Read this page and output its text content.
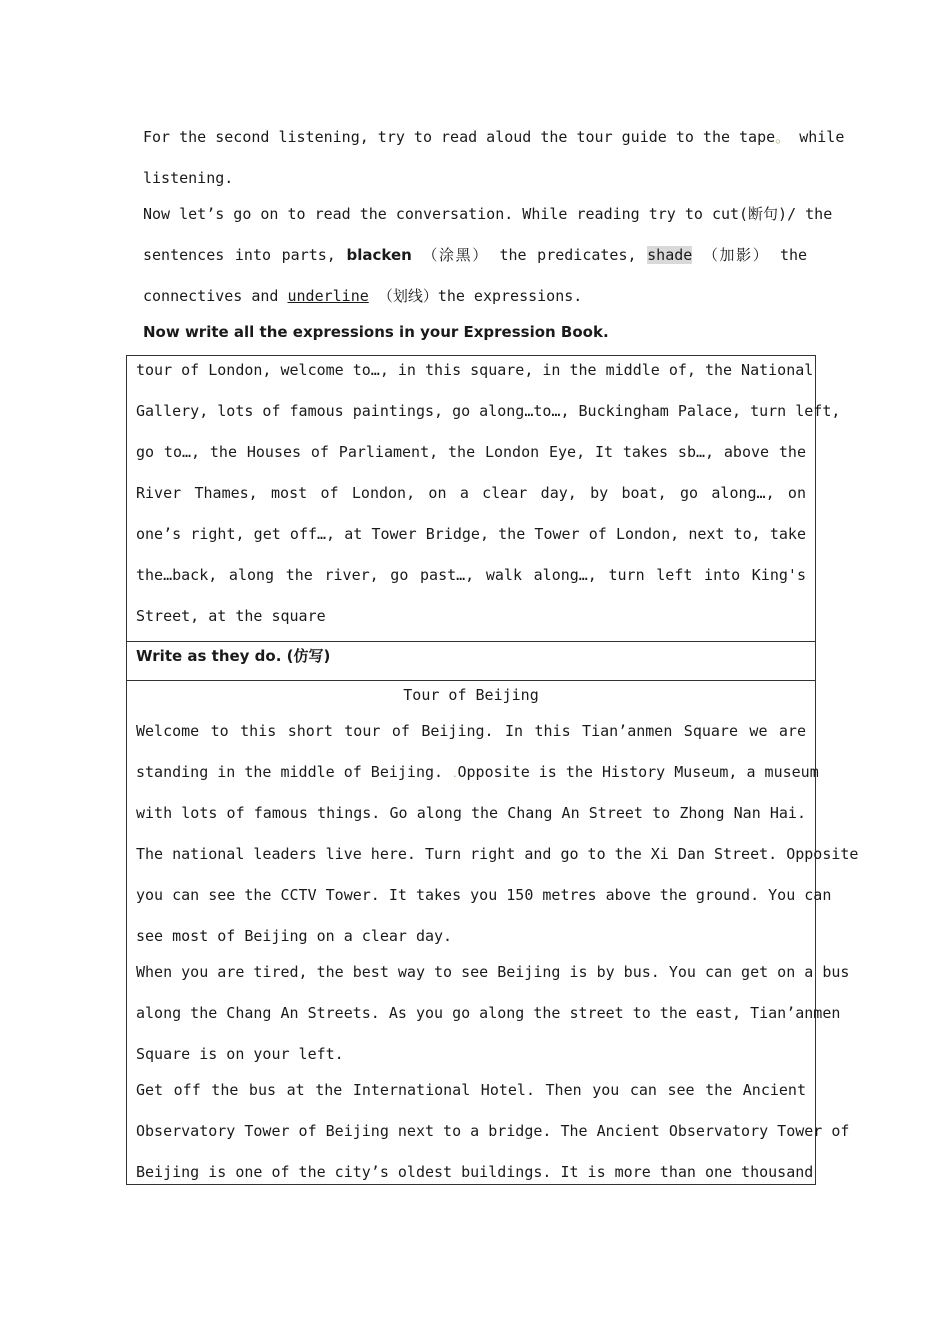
For the second listening, try to read aloud the tour guide to the tape。 while
listening.
Now let’s go on to read the conversation. While reading try to cut(断句)/ the
sentences into parts, blacken （涂黑） the predicates, shade （加影） the
connectives and underline （划线）the expressions.
Now write all the expressions in your Expression Book.
tour of London, welcome to…, in this square, in the middle of, the National
Gallery, lots of famous paintings, go along…to…, Buckingham Palace, turn left,
go to…, the Houses of Parliament, the London Eye, It takes sb…, above the
River Thames, most of London, on a clear day, by boat, go along…, on
one’s right, get off…, at Tower Bridge, the Tower of London, next to, take
the…back, along the river, go past…, walk along…, turn left into King's
Street, at the square

Write as they do. (仿写)

Tour of Beijing
Welcome to this short tour of Beijing. In this Tian’anmen Square we are
standing in the middle of Beijing. .Opposite is the History Museum, a museum
with lots of famous things. Go along the Chang An Street to Zhong Nan Hai.
The national leaders live here. Turn right and go to the Xi Dan Street. Opposite
you can see the CCTV Tower. It takes you 150 metres above the ground. You can
see most of Beijing on a clear day.
When you are tired, the best way to see Beijing is by bus. You can get on a bus
along the Chang An Streets. As you go along the street to the east, Tian’anmen
Square is on your left.
Get off the bus at the International Hotel. Then you can see the Ancient
Observatory Tower of Beijing next to a bridge. The Ancient Observatory Tower of
Beijing is one of the city’s oldest buildings. It is more than one thousand
